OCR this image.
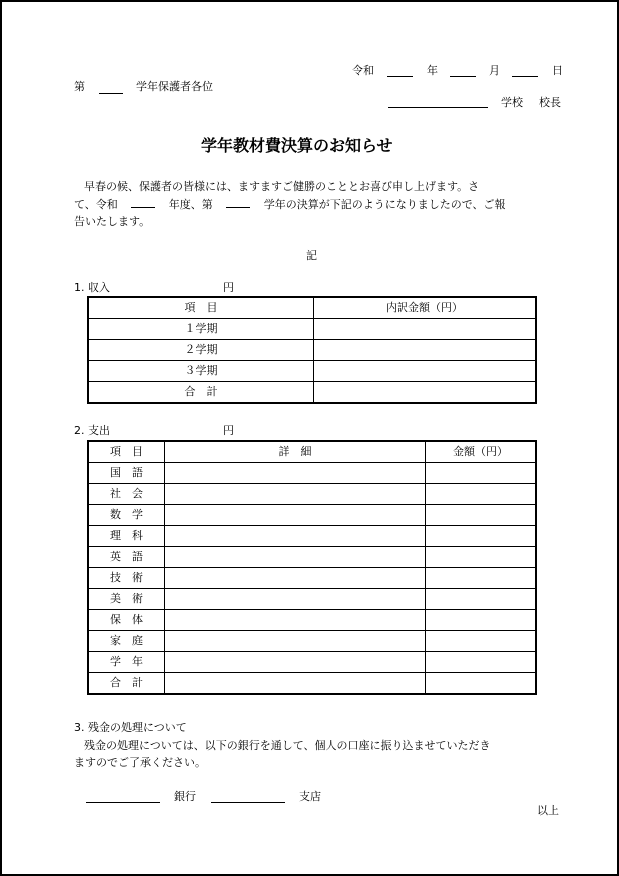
令和	年	月	日
第	学年保護者各位
学校 校長
学年教材費決算のお知らせ
早春の候、保護者の皆様には、ますますご健勝のこととお喜び申し上げます。さ
て、令和	年度、第	学年の決算が下記のようになりましたので、ご報
告いたします。
記
1. 収入	円
項　目	内訳金額（円）
１学期	
２学期	
３学期	
合　計	
2. 支出	円
項　目	詳　細	金額（円）
国　語		
社　会		
数　学		
理　科		
英　語		
技　術		
美　術		
保　体		
家　庭		
学　年		
合　計		
3. 残金の処理について
残金の処理については、以下の銀行を通して、個人の口座に振り込ませていただき
ますのでご了承ください。
銀行	支店
以上
